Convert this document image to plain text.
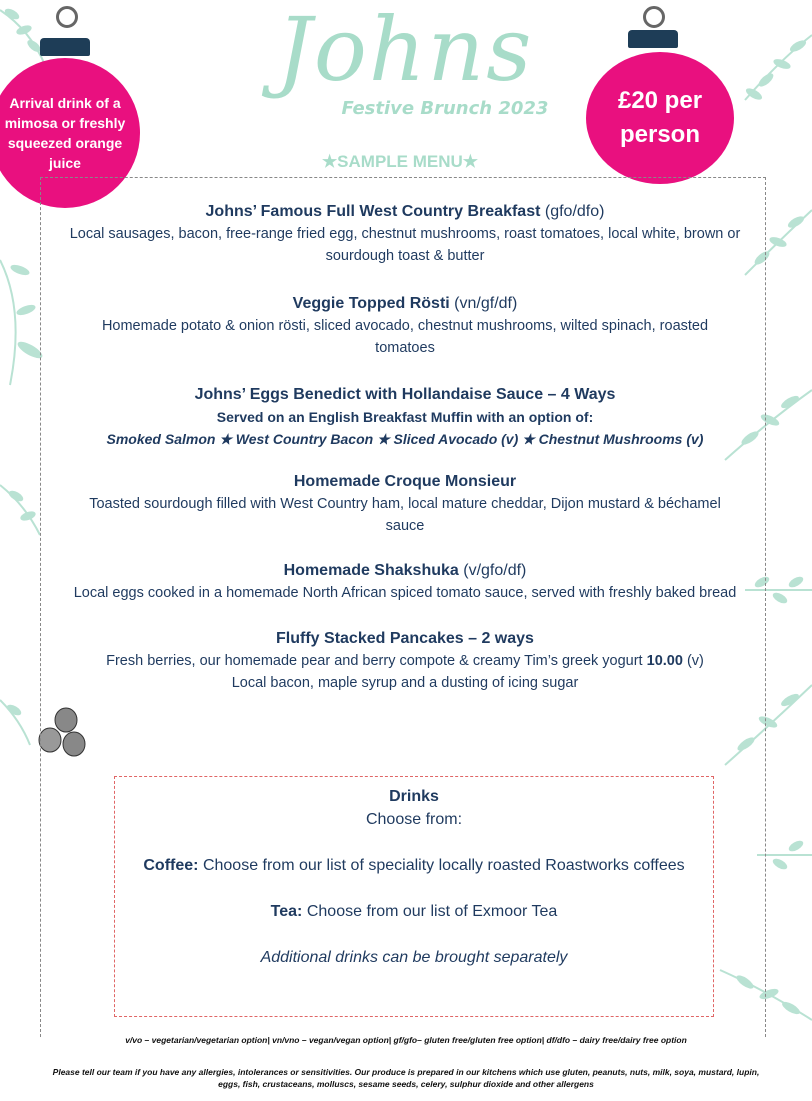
Johns
Festive Brunch 2023
Arrival drink of a mimosa or freshly squeezed orange juice
£20 per person
★SAMPLE MENU★
Johns’ Famous Full West Country Breakfast (gfo/dfo)
Local sausages, bacon, free-range fried egg, chestnut mushrooms, roast tomatoes, local white, brown or sourdough toast & butter
Veggie Topped Rösti (vn/gf/df)
Homemade potato & onion rösti, sliced avocado, chestnut mushrooms, wilted spinach, roasted tomatoes
Johns’ Eggs Benedict with Hollandaise Sauce – 4 Ways
Served on an English Breakfast Muffin with an option of:
Smoked Salmon ★ West Country Bacon ★ Sliced Avocado (v) ★ Chestnut Mushrooms (v)
Homemade Croque Monsieur
Toasted sourdough filled with West Country ham, local mature cheddar, Dijon mustard & béchamel sauce
Homemade Shakshuka (v/gfo/df)
Local eggs cooked in a homemade North African spiced tomato sauce, served with freshly baked bread
Fluffy Stacked Pancakes – 2 ways
Fresh berries, our homemade pear and berry compote & creamy Tim’s greek yogurt 10.00 (v)
Local bacon, maple syrup and a dusting of icing sugar
Drinks
Choose from:
Coffee: Choose from our list of speciality locally roasted Roastworks coffees
Tea: Choose from our list of Exmoor Tea
Additional drinks can be brought separately
v/vo – vegetarian/vegetarian option| vn/vno – vegan/vegan option| gf/gfo– gluten free/gluten free option| df/dfo – dairy free/dairy free option
Please tell our team if you have any allergies, intolerances or sensitivities. Our produce is prepared in our kitchens which use gluten, peanuts, nuts, milk, soya, mustard, lupin, eggs, fish, crustaceans, molluscs, sesame seeds, celery, sulphur dioxide and other allergens
